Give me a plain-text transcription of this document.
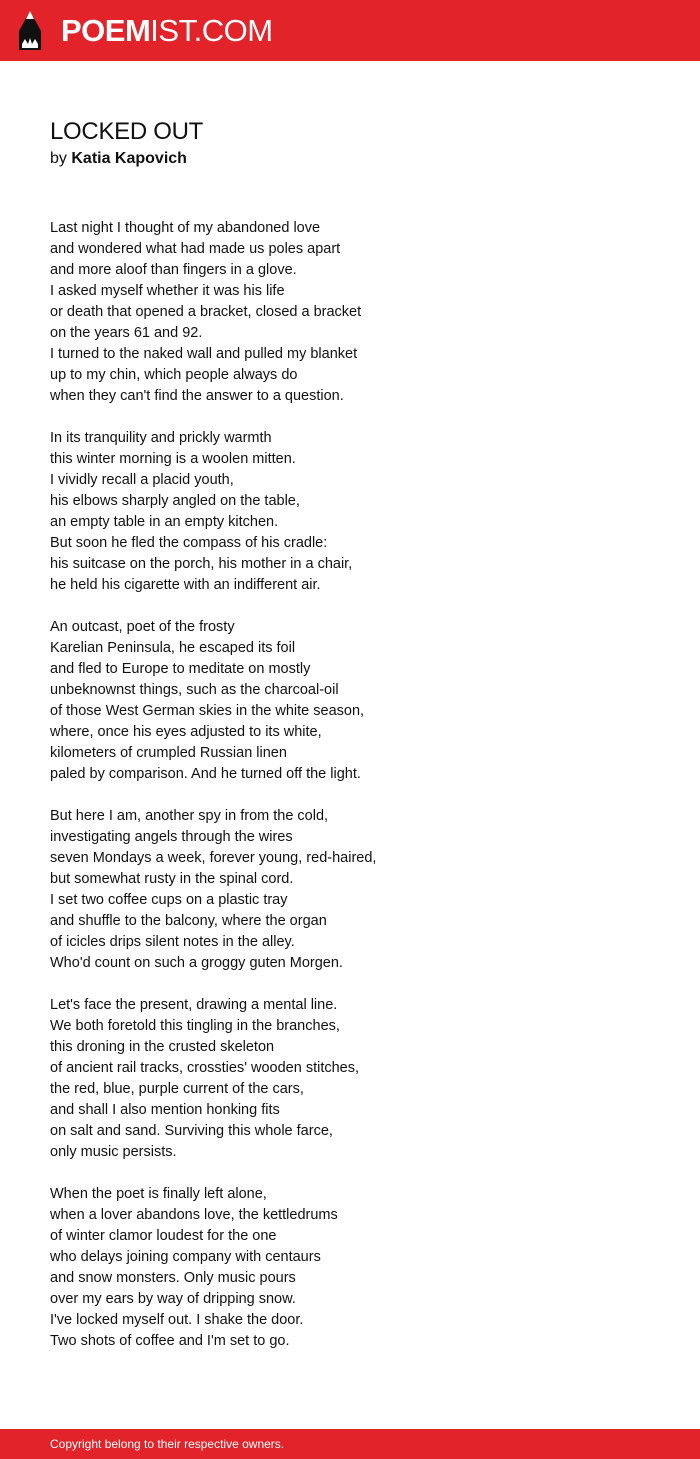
POEMIST.COM
LOCKED OUT
by Katia Kapovich
Last night I thought of my abandoned love
and wondered what had made us poles apart
and more aloof than fingers in a glove.
I asked myself whether it was his life
or death that opened a bracket, closed a bracket
on the years 61 and 92.
I turned to the naked wall and pulled my blanket
up to my chin, which people always do
when they can't find the answer to a question.
In its tranquility and prickly warmth
this winter morning is a woolen mitten.
I vividly recall a placid youth,
his elbows sharply angled on the table,
an empty table in an empty kitchen.
But soon he fled the compass of his cradle:
his suitcase on the porch, his mother in a chair,
he held his cigarette with an indifferent air.
An outcast, poet of the frosty
Karelian Peninsula, he escaped its foil
and fled to Europe to meditate on mostly
unbeknownst things, such as the charcoal-oil
of those West German skies in the white season,
where, once his eyes adjusted to its white,
kilometers of crumpled Russian linen
paled by comparison. And he turned off the light.
But here I am, another spy in from the cold,
investigating angels through the wires
seven Mondays a week, forever young, red-haired,
but somewhat rusty in the spinal cord.
I set two coffee cups on a plastic tray
and shuffle to the balcony, where the organ
of icicles drips silent notes in the alley.
Who'd count on such a groggy guten Morgen.
Let's face the present, drawing a mental line.
We both foretold this tingling in the branches,
this droning in the crusted skeleton
of ancient rail tracks, crossties' wooden stitches,
the red, blue, purple current of the cars,
and shall I also mention honking fits
on salt and sand. Surviving this whole farce,
only music persists.
When the poet is finally left alone,
when a lover abandons love, the kettledrums
of winter clamor loudest for the one
who delays joining company with centaurs
and snow monsters. Only music pours
over my ears by way of dripping snow.
I've locked myself out. I shake the door.
Two shots of coffee and I'm set to go.
Copyright belong to their respective owners.
